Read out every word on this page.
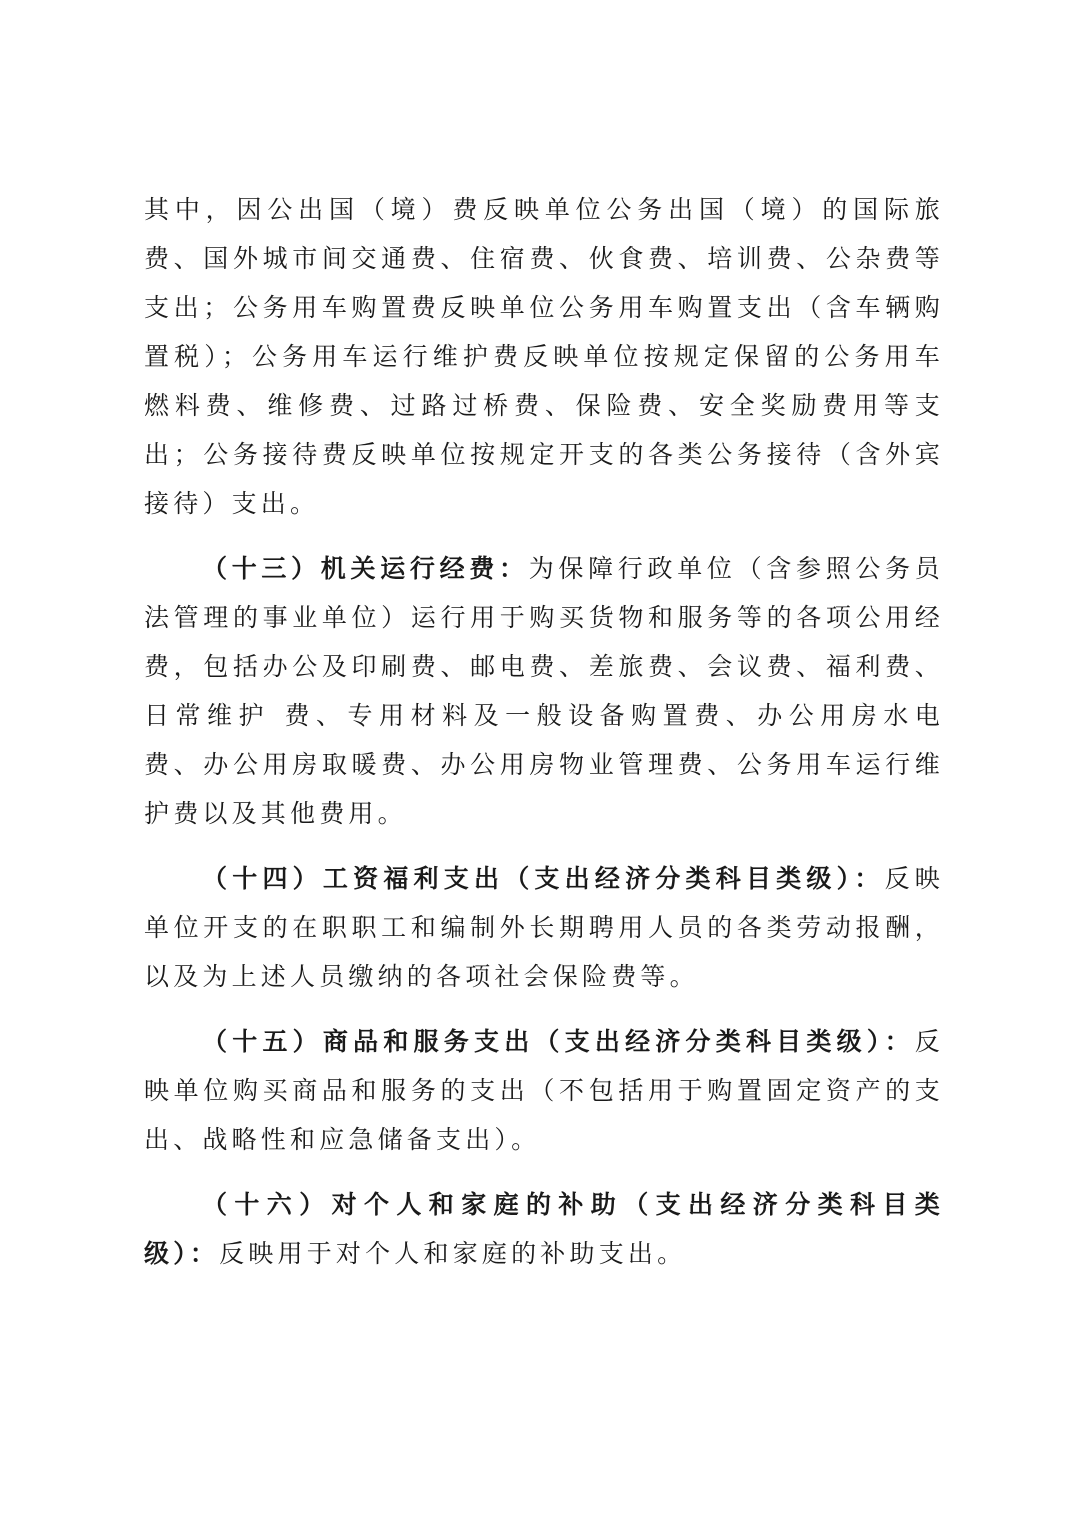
其中，因公出国（境）费反映单位公务出国（境）的国际旅费、国外城市间交通费、住宿费、伙食费、培训费、公杂费等支出；公务用车购置费反映单位公务用车购置支出（含车辆购置税）；公务用车运行维护费反映单位按规定保留的公务用车燃料费、维修费、过路过桥费、保险费、安全奖励费用等支出；公务接待费反映单位按规定开支的各类公务接待（含外宾接待）支出。

（十三）机关运行经费：为保障行政单位（含参照公务员法管理的事业单位）运行用于购买货物和服务等的各项公用经费，包括办公及印刷费、邮电费、差旅费、会议费、福利费、日常维护 费、专用材料及一般设备购置费、办公用房水电费、办公用房取暖费、办公用房物业管理费、公务用车运行维护费以及其他费用。

（十四）工资福利支出（支出经济分类科目类级）：反映单位开支的在职职工和编制外长期聘用人员的各类劳动报酬，以及为上述人员缴纳的各项社会保险费等。

（十五）商品和服务支出（支出经济分类科目类级）：反映单位购买商品和服务的支出（不包括用于购置固定资产的支出、战略性和应急储备支出）。

（十六）对个人和家庭的补助（支出经济分类科目类级）：反映用于对个人和家庭的补助支出。
